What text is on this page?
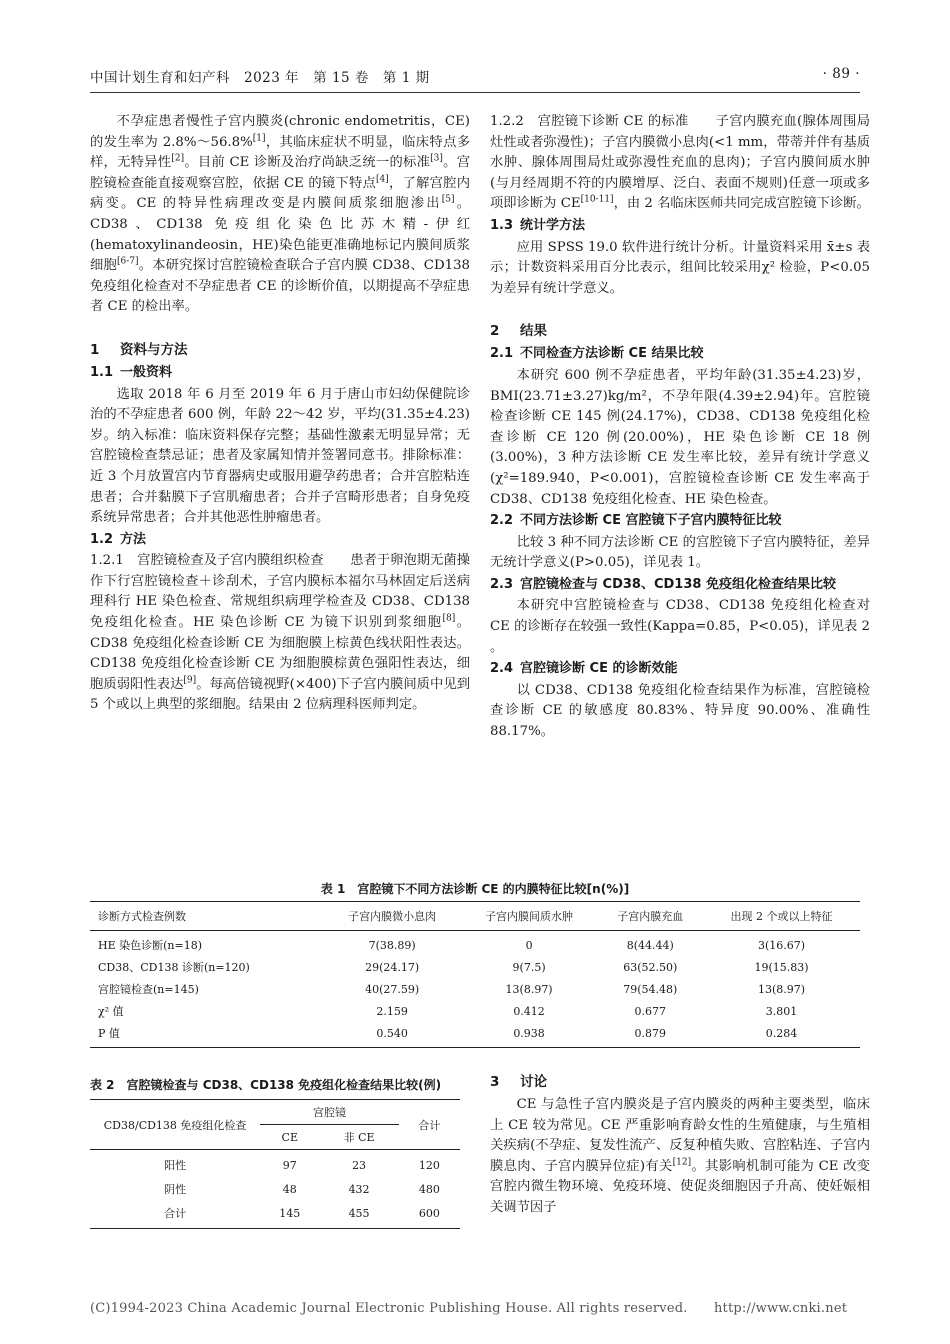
中国计划生育和妇产科　2023 年　第 15 卷　第 1 期	· 89 ·

不孕症患者慢性子宫内膜炎(chronic endometritis，CE)的发生率为 2.8%～56.8%[1]，其临床症状不明显，临床特点多样，无特异性[2]。目前 CE 诊断及治疗尚缺乏统一的标准[3]。宫腔镜检查能直接观察宫腔，依据 CE 的镜下特点[4]，了解宫腔内病变。CE 的特异性病理改变是内膜间质浆细胞渗出[5]。CD38、CD138 免疫组化染色比苏木精-伊红(hematoxylinandeosin，HE)染色能更准确地标记内膜间质浆细胞[6-7]。本研究探讨宫腔镜检查联合子宫内膜 CD38、CD138 免疫组化检查对不孕症患者 CE 的诊断价值，以期提高不孕症患者 CE 的检出率。

1 资料与方法
1.1 一般资料

选取 2018 年 6 月至 2019 年 6 月于唐山市妇幼保健院诊治的不孕症患者 600 例，年龄 22～42 岁，平均(31.35±4.23)岁。纳入标准：临床资料保存完整；基础性激素无明显异常；无宫腔镜检查禁忌证；患者及家属知情并签署同意书。排除标准：近 3 个月放置宫内节育器病史或服用避孕药患者；合并宫腔粘连患者；合并黏膜下子宫肌瘤患者；合并子宫畸形患者；自身免疫系统异常患者；合并其他恶性肿瘤患者。

1.2 方法

1.2.1　宫腔镜检查及子宫内膜组织检查　　 患者于卵泡期无菌操作下行宫腔镜检查＋诊刮术，子宫内膜标本福尔马林固定后送病理科行 HE 染色检查、常规组织病理学检查及 CD38、CD138 免疫组化检查。HE 染色诊断 CE 为镜下识别到浆细胞[8]。CD38 免疫组化检查诊断 CE 为细胞膜上棕黄色线状阳性表达。CD138 免疫组化检查诊断 CE 为细胞膜棕黄色强阳性表达，细胞质弱阳性表达[9]。每高倍镜视野(×400)下子宫内膜间质中见到 5 个或以上典型的浆细胞。结果由 2 位病理科医师判定。

1.2.2　宫腔镜下诊断 CE 的标准　　 子宫内膜充血(腺体周围局灶性或者弥漫性)；子宫内膜微小息肉(<1 mm，带蒂并伴有基质水肿、腺体周围局灶或弥漫性充血的息肉)；子宫内膜间质水肿(与月经周期不符的内膜增厚、泛白、表面不规则)任意一项或多项即诊断为 CE[10-11]，由 2 名临床医师共同完成宫腔镜下诊断。

1.3 统计学方法

应用 SPSS 19.0 软件进行统计分析。计量资料采用 x̄±s 表示；计数资料采用百分比表示，组间比较采用χ² 检验，P<0.05 为差异有统计学意义。

2 结果
2.1 不同检查方法诊断 CE 结果比较

本研究 600 例不孕症患者，平均年龄(31.35±4.23)岁，BMI(23.71±3.27)kg/m²，不孕年限(4.39±2.94)年。宫腔镜检查诊断 CE 145 例(24.17%)，CD38、CD138 免疫组化检查诊断 CE 120 例(20.00%)，HE 染色诊断 CE 18 例(3.00%)，3 种方法诊断 CE 发生率比较，差异有统计学意义(χ²=189.940，P<0.001)，宫腔镜检查诊断 CE 发生率高于 CD38、CD138 免疫组化检查、HE 染色检查。

2.2 不同方法诊断 CE 宫腔镜下子宫内膜特征比较

比较 3 种不同方法诊断 CE 的宫腔镜下子宫内膜特征，差异无统计学意义(P>0.05)，详见表 1。

2.3 宫腔镜检查与 CD38、CD138 免疫组化检查结果比较

本研究中宫腔镜检查与 CD38、CD138 免疫组化检查对 CE 的诊断存在较强一致性(Kappa=0.85，P<0.05)，详见表 2 。

2.4 宫腔镜诊断 CE 的诊断效能

以 CD38、CD138 免疫组化检查结果作为标准，宫腔镜检查诊断 CE 的敏感度 80.83%、特异度 90.00%、准确性 88.17%。

表 1　宫腔镜下不同方法诊断 CE 的内膜特征比较[n(%)]
诊断方式检查例数	子宫内膜微小息肉	子宫内膜间质水肿	子宫内膜充血	出现 2 个或以上特征
HE 染色诊断(n=18)	7(38.89)	0	8(44.44)	3(16.67)
CD38、CD138 诊断(n=120)	29(24.17)	9(7.5)	63(52.50)	19(15.83)
宫腔镜检查(n=145)	40(27.59)	13(8.97)	79(54.48)	13(8.97)
χ² 值	2.159	0.412	0.677	3.801
P 值	0.540	0.938	0.879	0.284
表 2　宫腔镜检查与 CD38、CD138 免疫组化检查结果比较(例)
CD38/CD138 免疫组化检查	宫腔镜		合计
	CE	非 CE	
阳性	97	23	120
阴性	48	432	480
合计	145	455	600
3 讨论

CE 与急性子宫内膜炎是子宫内膜炎的两种主要类型，临床上 CE 较为常见。CE 严重影响育龄女性的生殖健康，与生殖相关疾病(不孕症、复发性流产、反复种植失败、宫腔粘连、子宫内膜息肉、子宫内膜异位症)有关[12]。其影响机制可能为 CE 改变宫腔内微生物环境、免疫环境、使促炎细胞因子升高、使妊娠相关调节因子

(C)1994-2023 China Academic Journal Electronic Publishing House. All rights reserved.　　http://www.cnki.net
